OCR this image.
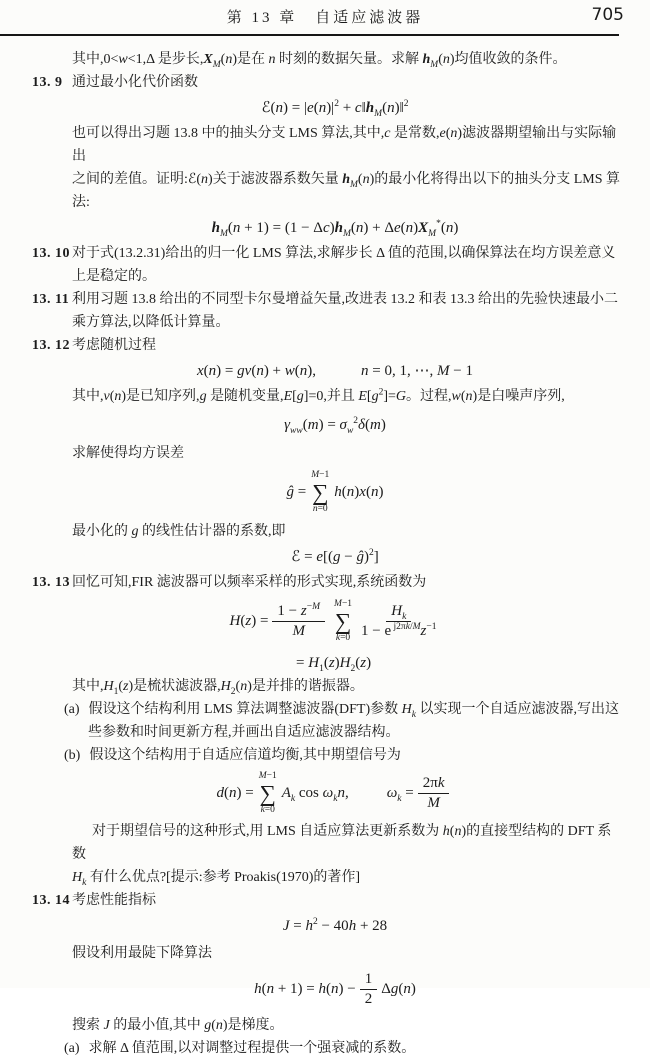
第 13 章　自适应滤波器	705
其中,0<w<1,Δ 是步长$,X_M(n)$是在 n 时刻的数据矢量。求解 $h_M(n)$均值收敛的条件。
13. 9 通过最小化代价函数
ℰ(n) = $|e(n)|^2$ + $c‖h_M(n)‖^2$
也可以得出习题 13.8 中的抽头分支 LMS 算法,其中,c 是常数,e(n)滤波器期望输出与实际输出
之间的差值。证明:ℰ(n)关于滤波器系数矢量 $h_M(n)$的最小化将得出以下的抽头分支 LMS 算法:
$h_M(n + 1) = (1 - \Delta c)h_M(n) + \Delta e(n)X_M^*(n)$
13. 10 对于式(13.2.31)给出的归一化 LMS 算法,求解步长 Δ 值的范围,以确保算法在均方误差意义
上是稳定的。
13. 11 利用习题 13.8 给出的不同型卡尔曼增益矢量,改进表 13.2 和表 13.3 给出的先验快速最小二
乘方算法,以降低计算量。
13. 12 考虑随机过程
x(n) = gv(n) + w(n),   n = 0, 1, ⋯, M − 1
其中,v(n)是已知序列,g 是随机变量,E[g]=0,并且 $E[g^2]=G$。过程,w(n)是白噪声序列,
$\gamma_{ww}(m) = \sigma_w^2\delta(m)$
求解使得均方误差
ĝ =
M−1
∑
n=0
h(n)x(n)
最小化的 g 的线性估计器的系数,即
ℰ = e[(g − ĝ)$^2$]
13. 13 回忆可知,FIR 滤波器可以频率采样的形式实现,系统函数为
$H(z) = \frac{1 - z^{-M}}{M} M-1$
∑
$k=0 \frac{H_k}{1 - e ^{j2\pi k/M}z^{-1}}$
= $H_1(z)H_2(z)$
其中$,H_1(z)$是梳状滤波器$,H_2(n)$是并排的谐振器。
(a) 假设这个结构利用 LMS 算法调整滤波器(DFT)参数 $H_k$ 以实现一个自适应滤波器,写出这
些参数和时间更新方程,并画出自适应滤波器结构。
(b) 假设这个结构用于自适应信道均衡,其中期望信号为
d(n) =
M−1
∑
k=0
$A_k$ $\cos \omega_kn$,	$\omega_k = \frac{2\pi k}{M}$
对于期望信号的这种形式,用 LMS 自适应算法更新系数为 h(n)的直接型结构的 DFT 系数
$H_k$ 有什么优点?[提示:参考 Proakis(1970)的著作]
13. 14 考虑性能指标
$J = h^2 - 40h + 28$
假设利用最陡下降算法
$h(n + 1) = h(n) - \frac{1}{2} \Delta g(n)$
搜索 J 的最小值,其中 g(n)是梯度。
(a) 求解 Δ 值范围,以对调整过程提供一个强衰减的系数。
